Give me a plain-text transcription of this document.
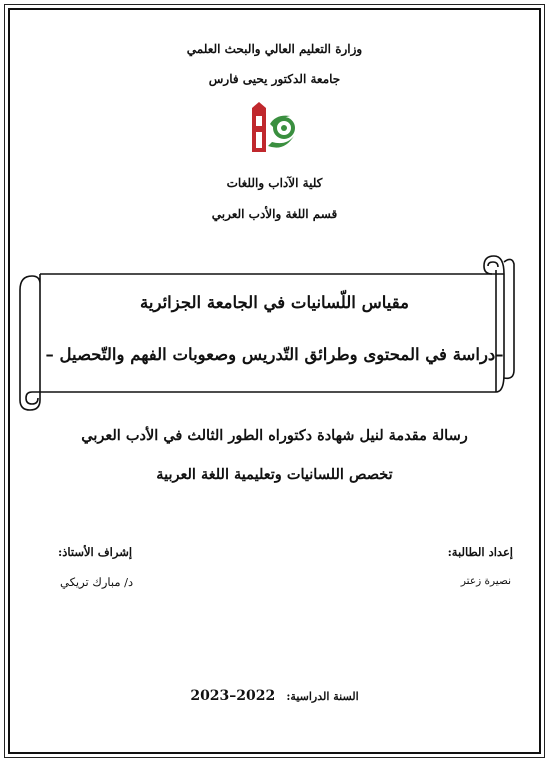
وزارة التعليم العالي والبحث العلمي
جامعة الدكتور يحيى فارس
كلية الآداب واللغات
قسم اللغة والأدب العربي
مقياس اللّسانيات في الجامعة الجزائرية
–دراسة في المحتوى وطرائق التّدريس وصعوبات الفهم والتّحصيل –
رسالة مقدمة لنيل شهادة دكتوراه الطور الثالث في الأدب العربي
تخصص اللسانيات وتعليمية اللغة العربية
إعداد الطالبة:
إشراف الأستاذ:
نصيرة زعتر
د/ مبارك تريكي
السنة الدراسية: 2022–2023
